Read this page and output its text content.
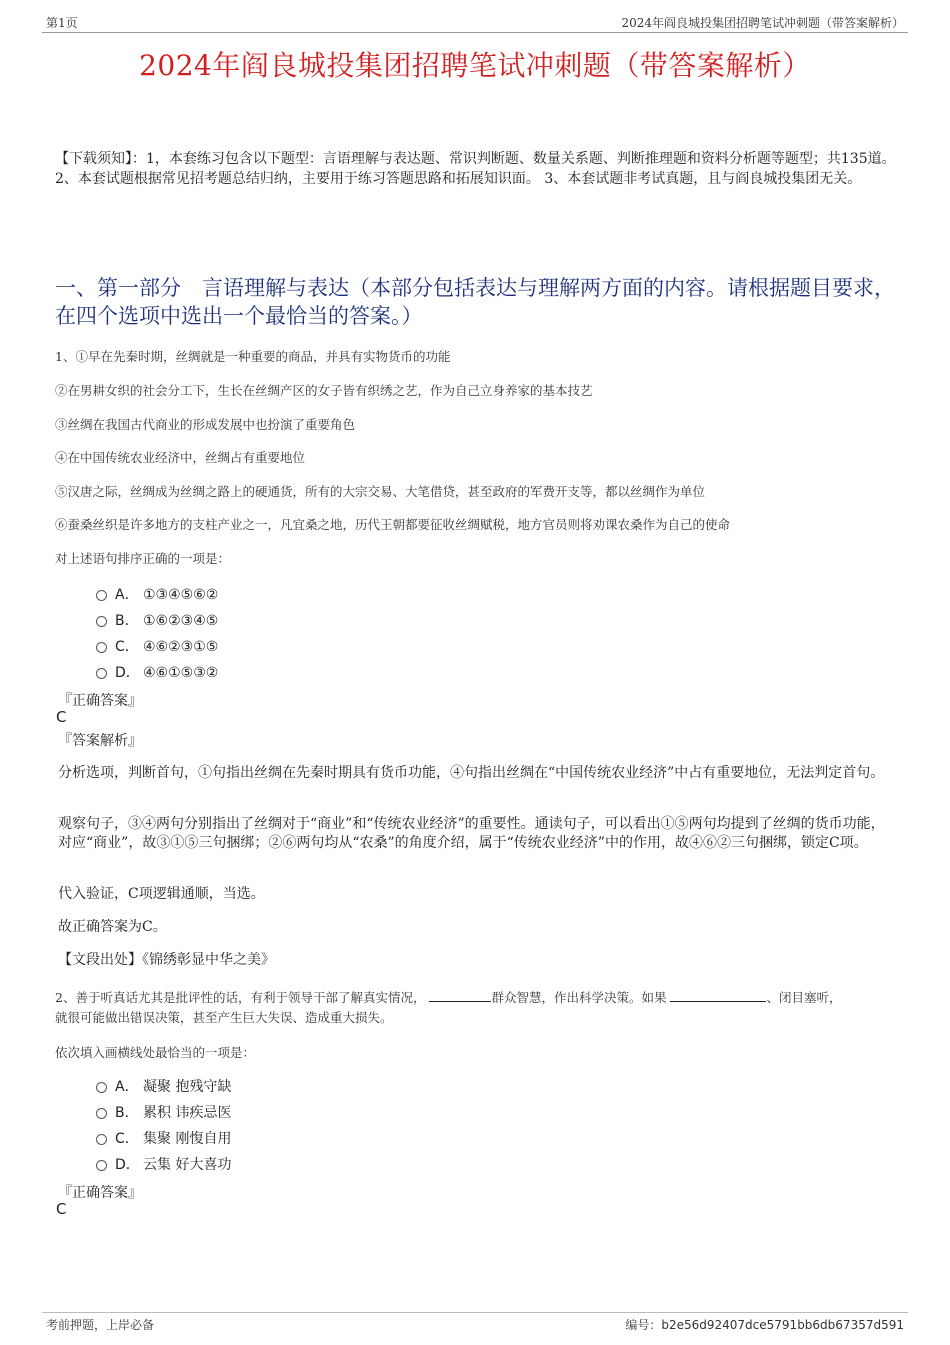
第1页	2024年阎良城投集团招聘笔试冲刺题（带答案解析）
2024年阎良城投集团招聘笔试冲刺题（带答案解析）
【下载须知】：1，本套练习包含以下题型：言语理解与表达题、常识判断题、数量关系题、判断推理题和资料分析题等题型；共135道。 2、本套试题根据常见招考题总结归纳，主要用于练习答题思路和拓展知识面。 3、本套试题非考试真题，且与阎良城投集团无关。
一、第一部分　言语理解与表达（本部分包括表达与理解两方面的内容。请根据题目要求，在四个选项中选出一个最恰当的答案。）
1、①早在先秦时期，丝绸就是一种重要的商品，并具有实物货币的功能
②在男耕女织的社会分工下，生长在丝绸产区的女子皆有织绣之艺，作为自己立身养家的基本技艺
③丝绸在我国古代商业的形成发展中也扮演了重要角色
④在中国传统农业经济中，丝绸占有重要地位
⑤汉唐之际，丝绸成为丝绸之路上的硬通货，所有的大宗交易、大笔借贷，甚至政府的军费开支等，都以丝绸作为单位
⑥蚕桑丝织是许多地方的支柱产业之一，凡宜桑之地，历代王朝都要征收丝绸赋税，地方官员则将劝课农桑作为自己的使命
对上述语句排序正确的一项是：
A． ①③④⑤⑥②
B． ①⑥②③④⑤
C． ④⑥②③①⑤
D． ④⑥①⑤③②
『正确答案』
C
『答案解析』
分析选项，判断首句，①句指出丝绸在先秦时期具有货币功能，④句指出丝绸在“中国传统农业经济”中占有重要地位，无法判定首句。
观察句子，③④两句分别指出了丝绸对于“商业”和“传统农业经济”的重要性。通读句子，可以看出①⑤两句均提到了丝绸的货币功能，对应“商业”，故③①⑤三句捆绑；②⑥两句均从“农桑”的角度介绍，属于“传统农业经济”中的作用，故④⑥②三句捆绑，锁定C项。
代入验证，C项逻辑通顺，当选。
故正确答案为C。
【文段出处】《锦绣彰显中华之美》
2、善于听真话尤其是批评性的话，有利于领导干部了解真实情况，	群众智慧，作出科学决策。如果	、闭目塞听，
就很可能做出错误决策，甚至产生巨大失误、造成重大损失。
依次填入画横线处最恰当的一项是：
A． 凝聚 抱残守缺
B． 累积 讳疾忌医
C． 集聚 刚愎自用
D． 云集 好大喜功
『正确答案』
C
考前押题，上岸必备	编号：b2e56d92407dce5791bb6db67357d591
